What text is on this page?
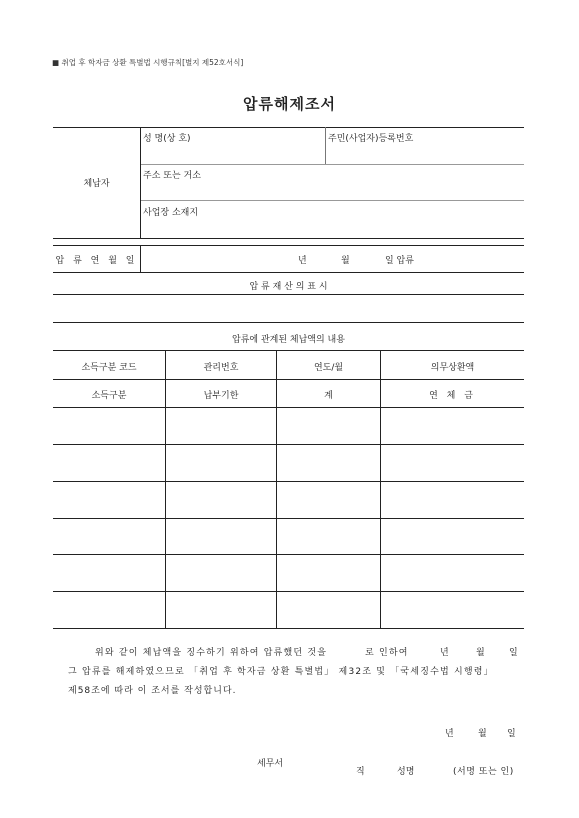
■ 취업 후 학자금 상환 특별법 시행규칙[별지 제52호서식]
압류해제조서
체납자
성 명(상 호)	주민(사업자)등록번호
주소 또는 거소
사업장 소재지
압 류 연 월 일	년	월	일 압류
압 류 재 산 의 표 시
압류에 관계된 체납액의 내용
소득구분 코드	관리번호	연도/월	의무상환액
소득구분	납부기한	계	연 체 금
위와 같이 체납액을 징수하기 위하여 압류했던 것을	로 인하여	년	월	일
그 압류를 해제하였으므로 「취업 후 학자금 상환 특별법」 제32조 및 「국세징수법 시행령」
제58조에 따라 이 조서를 작성합니다.
년	월 일
세무서
직	성명	(서명 또는 인)
